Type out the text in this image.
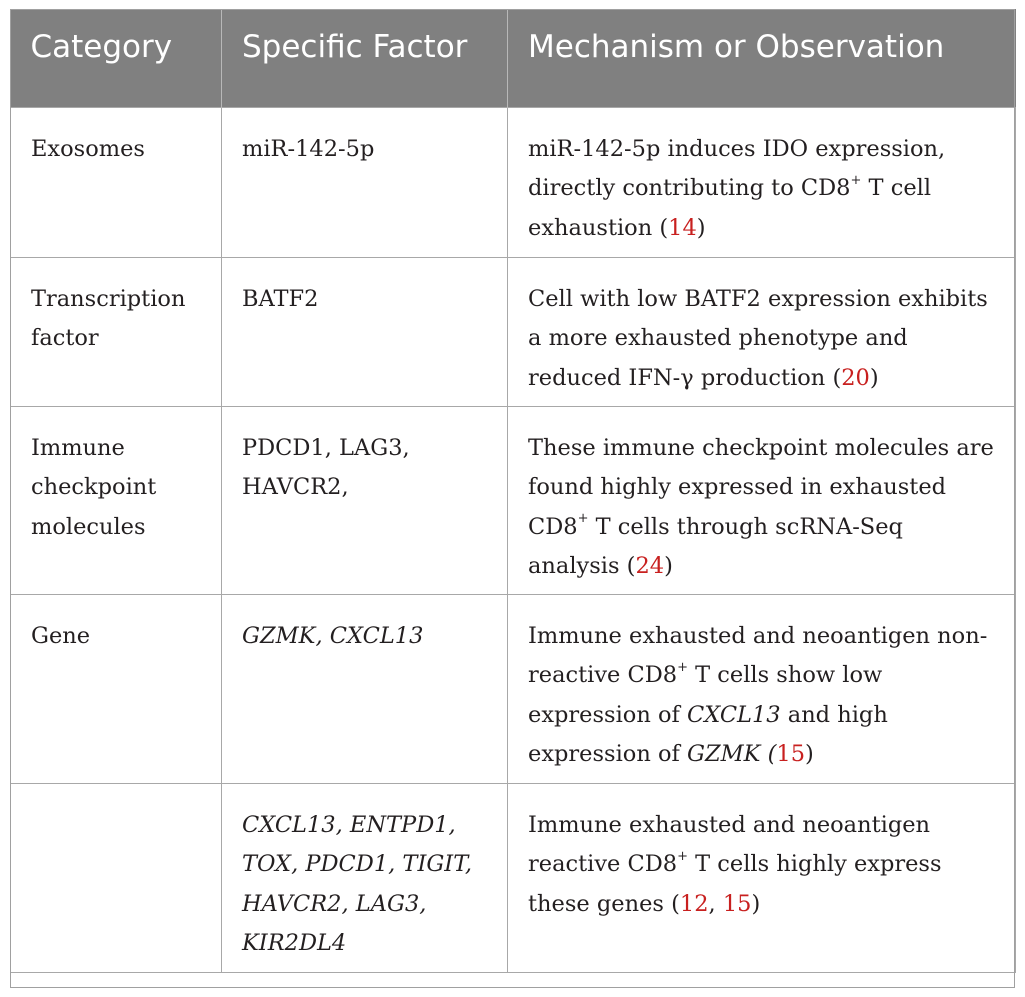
Category	Specific Factor	Mechanism or Observation
Exosomes	miR-142-5p	miR-142-5p induces IDO expression, directly contributing to CD8+ T cell exhaustion (14)
Transcription factor	BATF2	Cell with low BATF2 expression exhibits a more exhausted phenotype and reduced IFN-γ production (20)
Immune checkpoint molecules	PDCD1, LAG3, HAVCR2,	These immune checkpoint molecules are found highly expressed in exhausted CD8+ T cells through scRNA-Seq analysis (24)
Gene	GZMK, CXCL13	Immune exhausted and neoantigen non-reactive CD8+ T cells show low expression of CXCL13 and high expression of GZMK (15)
	CXCL13, ENTPD1, TOX, PDCD1, TIGIT, HAVCR2, LAG3, KIR2DL4	Immune exhausted and neoantigen reactive CD8+ T cells highly express these genes (12, 15)
